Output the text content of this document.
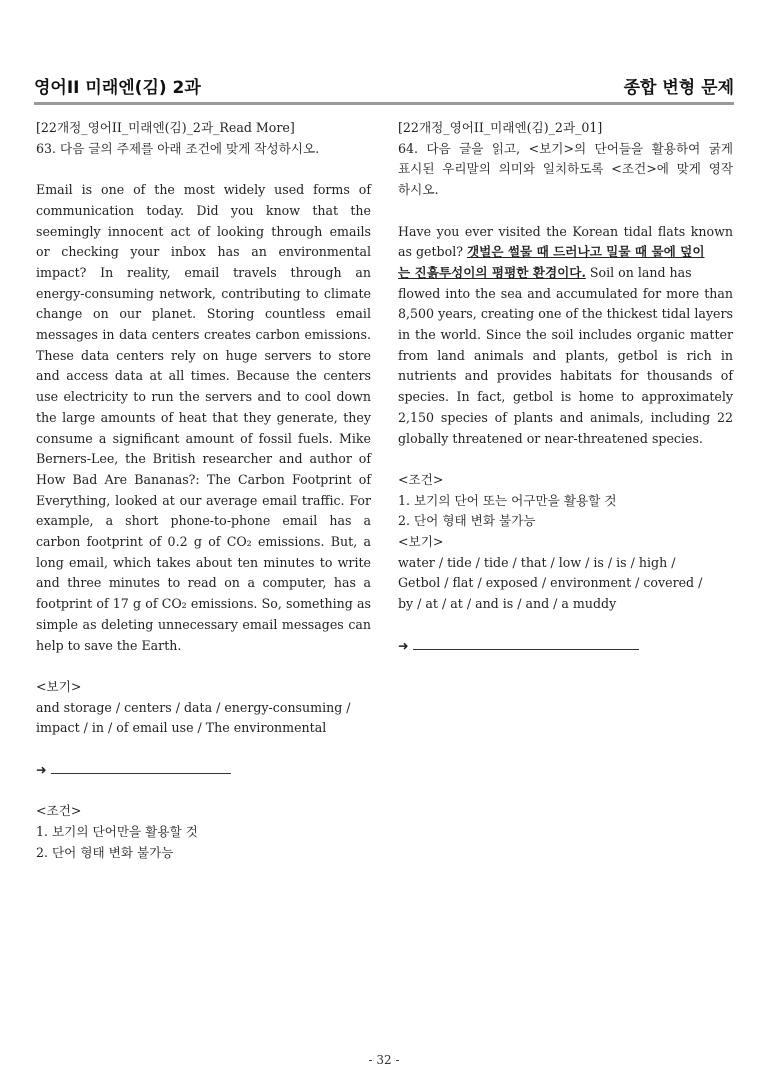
영어II 미래엔(김) 2과	종합 변형 문제
[22개정_영어II_미래엔(김)_2과_Read More]
63. 다음 글의 주제를 아래 조건에 맞게 작성하시오.
Email is one of the most widely used forms of
communication today. Did you know that the
seemingly innocent act of looking through emails
or checking your inbox has an environmental
impact? In reality, email travels through an
energy-consuming network, contributing to climate
change on our planet. Storing countless email
messages in data centers creates carbon emissions.
These data centers rely on huge servers to store
and access data at all times. Because the centers
use electricity to run the servers and to cool down
the large amounts of heat that they generate, they
consume a significant amount of fossil fuels. Mike
Berners-Lee, the British researcher and author of
How Bad Are Bananas?: The Carbon Footprint of
Everything, looked at our average email traffic. For
example, a short phone-to-phone email has a
carbon footprint of 0.2 g of CO₂ emissions. But, a
long email, which takes about ten minutes to write
and three minutes to read on a computer, has a
footprint of 17 g of CO₂ emissions. So, something as
simple as deleting unnecessary email messages can
help to save the Earth.
<보기>
and storage / centers / data / energy-consuming /
impact / in / of email use / The environmental
➜
<조건>
1. 보기의 단어만을 활용할 것
2. 단어 형태 변화 불가능
[22개정_영어II_미래엔(김)_2과_01]
64. 다음 글을 읽고, <보기>의 단어들을 활용하여 굵게
표시된 우리말의 의미와 일치하도록 <조건>에 맞게 영작
하시오.
Have you ever visited the Korean tidal flats known
as getbol? 갯벌은 썰물 때 드러나고 밀물 때 물에 덮이
는 진흙투성이의 평평한 환경이다. Soil on land has
flowed into the sea and accumulated for more than
8,500 years, creating one of the thickest tidal layers
in the world. Since the soil includes organic matter
from land animals and plants, getbol is rich in
nutrients and provides habitats for thousands of
species. In fact, getbol is home to approximately
2,150 species of plants and animals, including 22
globally threatened or near-threatened species.
<조건>
1. 보기의 단어 또는 어구만을 활용할 것
2. 단어 형태 변화 불가능
<보기>
water / tide / tide / that / low / is / is / high /
Getbol / flat / exposed / environment / covered /
by / at / at / and is / and / a muddy
➜
- 32 -
